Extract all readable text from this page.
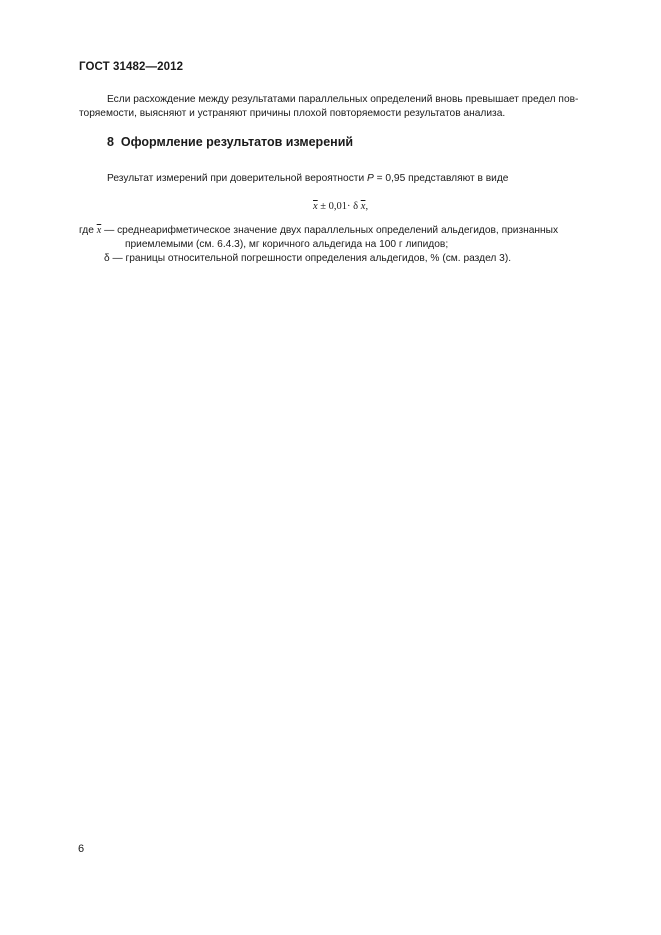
ГОСТ 31482—2012
Если расхождение между результатами параллельных определений вновь превышает предел пов-
торяемости, выясняют и устраняют причины плохой повторяемости результатов анализа.
8 Оформление результатов измерений
Результат измерений при доверительной вероятности P = 0,95 представляют в виде
$\overline{x} \pm 0,01\cdot \delta$ $\overline{x}$,
где $\overline{x}$ — среднеарифметическое значение двух параллельных определений альдегидов, признанных
приемлемыми (см. 6.4.3), мг коричного альдегида на 100 г липидов;
δ — границы относительной погрешности определения альдегидов, % (см. раздел 3).
6
